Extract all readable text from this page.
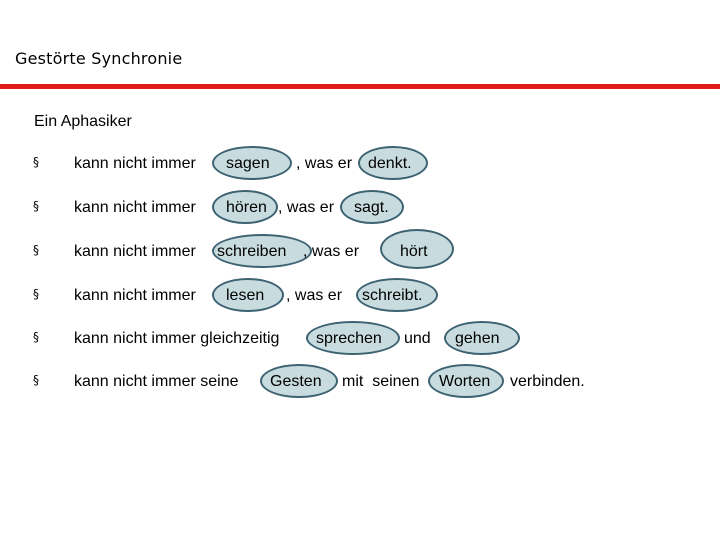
Gestörte Synchronie
Ein Aphasiker
§ kann nicht immer sagen , was er denkt.
§ kann nicht immer hören , was er sagt.
§ kann nicht immer schreiben , was er	hört
§ kann nicht immer lesen , was er schreibt.
§ kann nicht immer gleichzeitig sprechen und gehen
§ kann nicht immer seine Gesten mit  seinen Worten verbinden.
